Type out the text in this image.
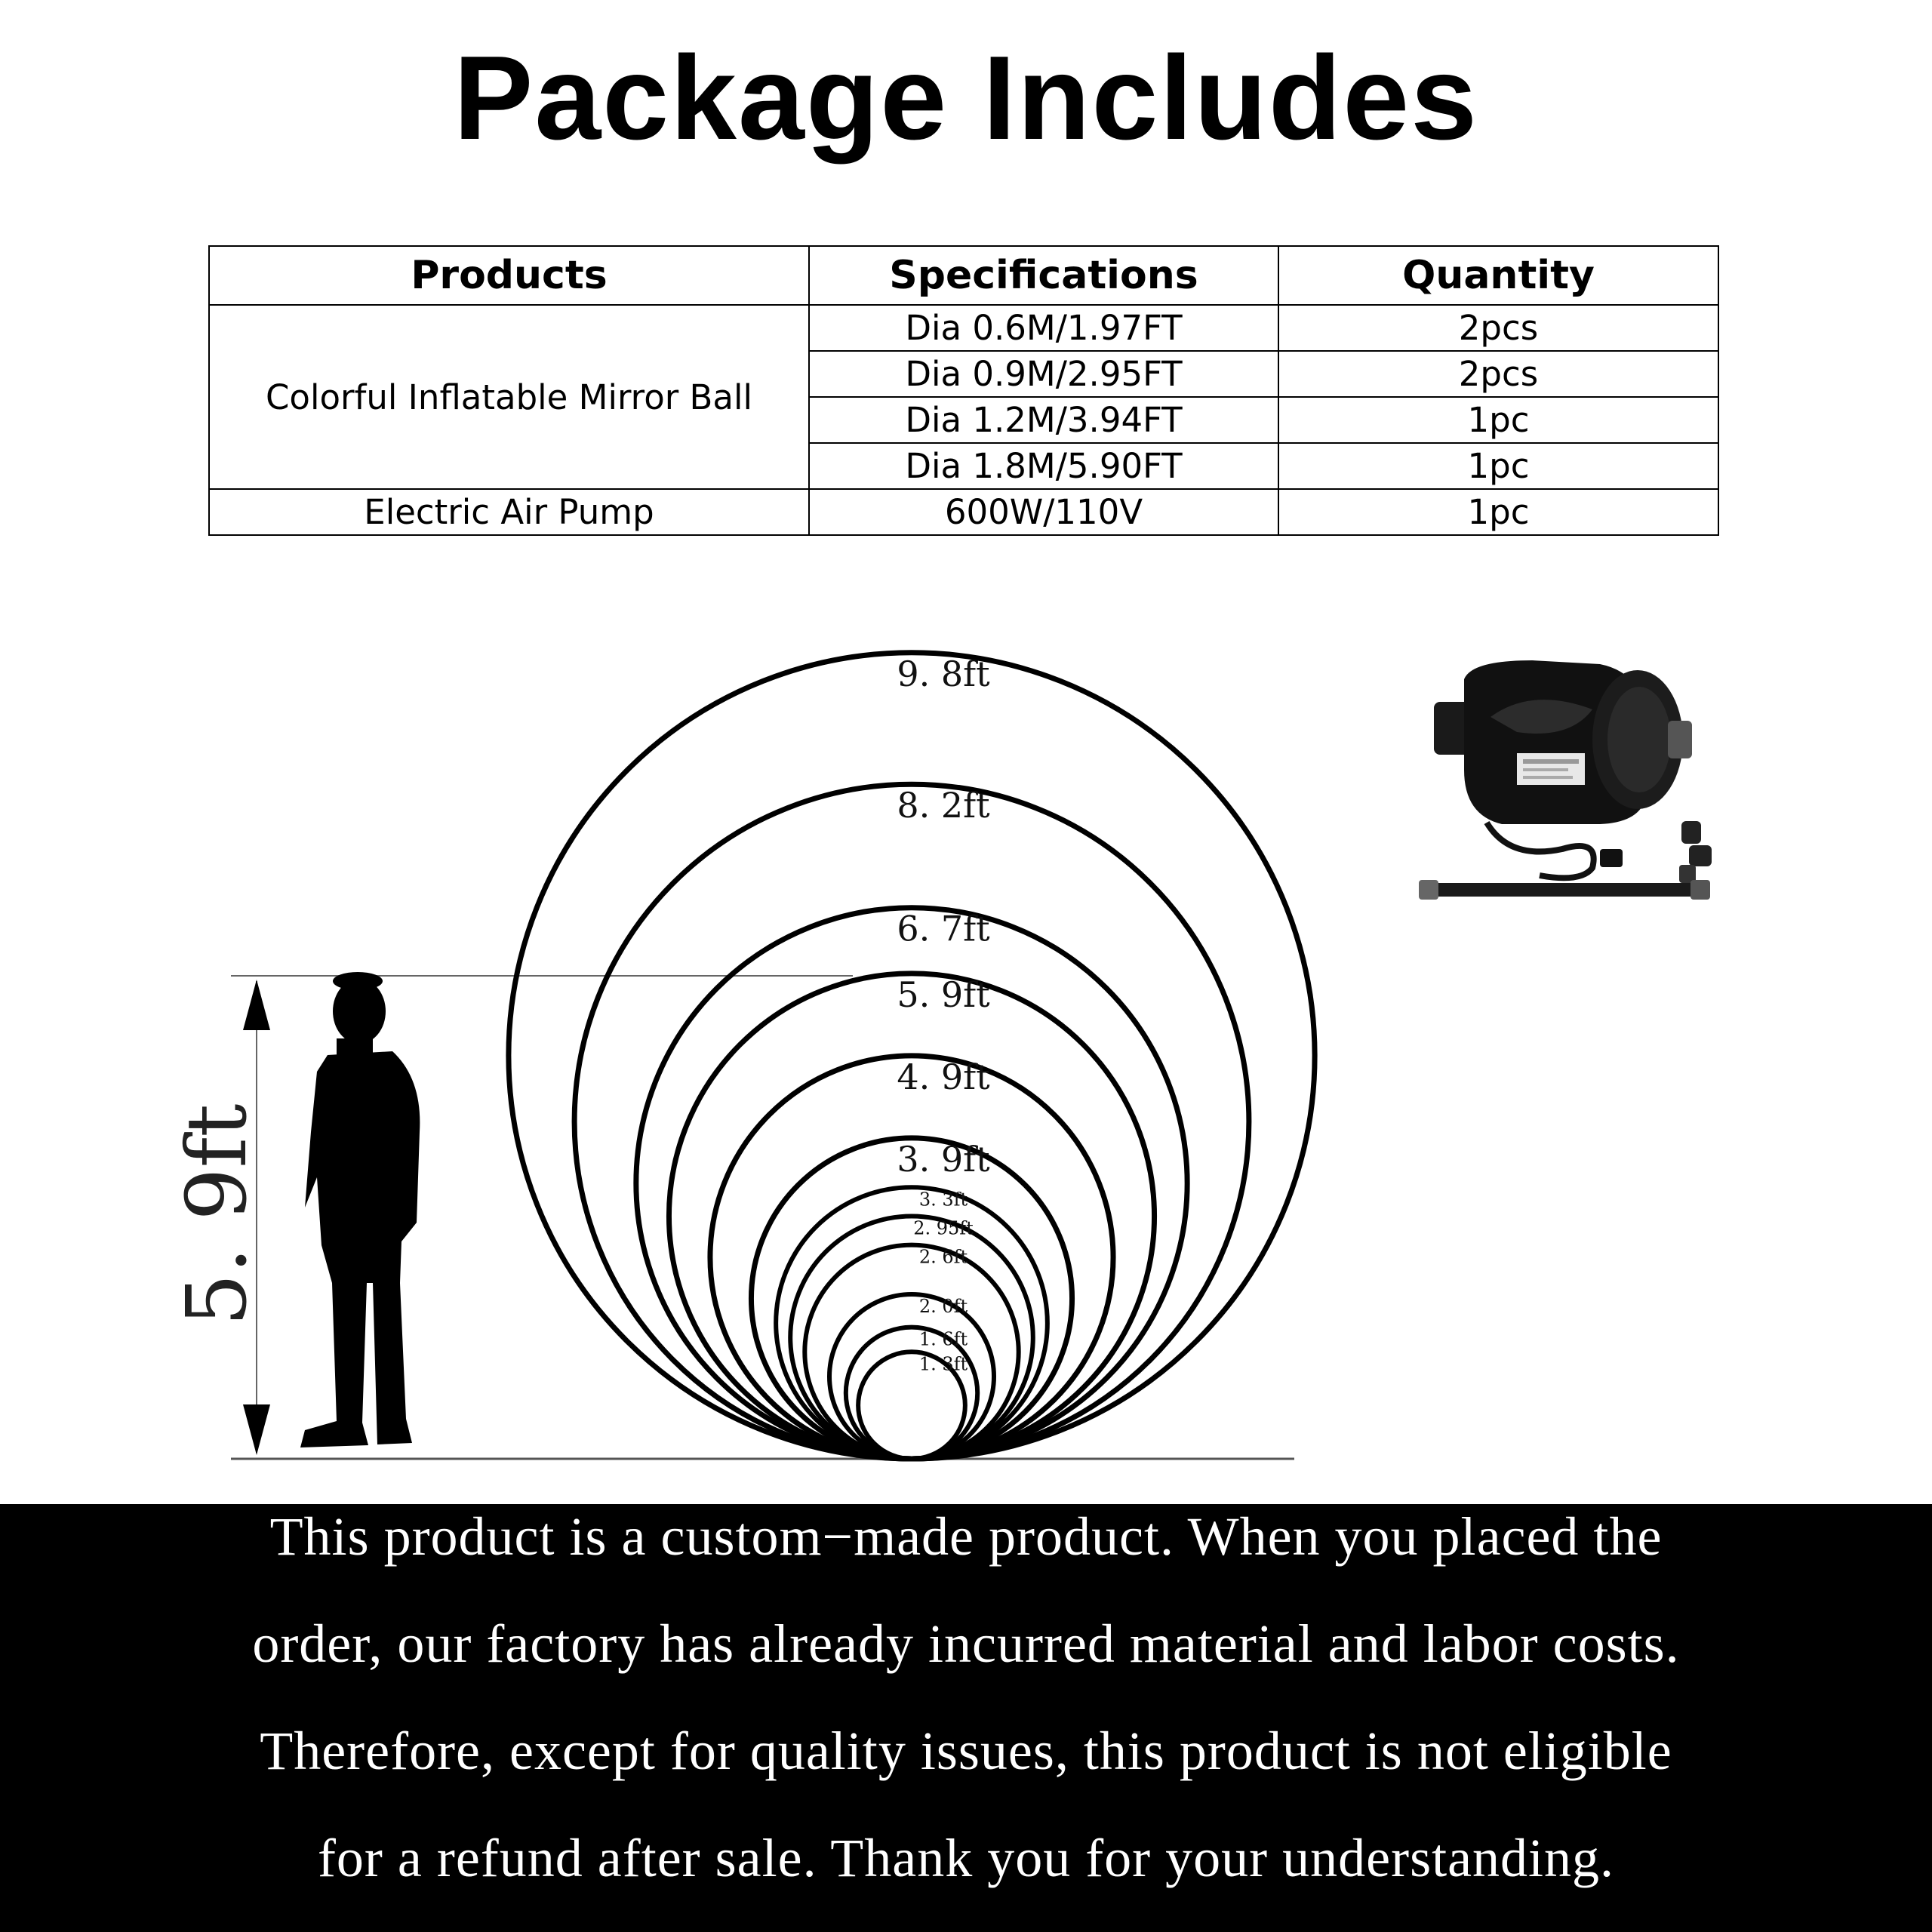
Package Includes
Products	Specifications	Quantity
Colorful Inflatable Mirror Ball	Dia 0.6M/1.97FT	2pcs
	Dia 0.9M/2.95FT	2pcs
	Dia 1.2M/3.94FT	1pc
	Dia 1.8M/5.90FT	1pc
Electric Air Pump	600W/110V	1pc
5. 9ft
9. 8ft
8. 2ft
6. 7ft
5. 9ft
4. 9ft
3. 9ft
3. 3ft
2. 95ft
2. 6ft
2. 0ft
1. 6ft
1. 3ft
This product is a custom−made product. When you placed the
order, our factory has already incurred material and labor costs.
Therefore, except for quality issues, this product is not eligible
for a refund after sale. Thank you for your understanding.
